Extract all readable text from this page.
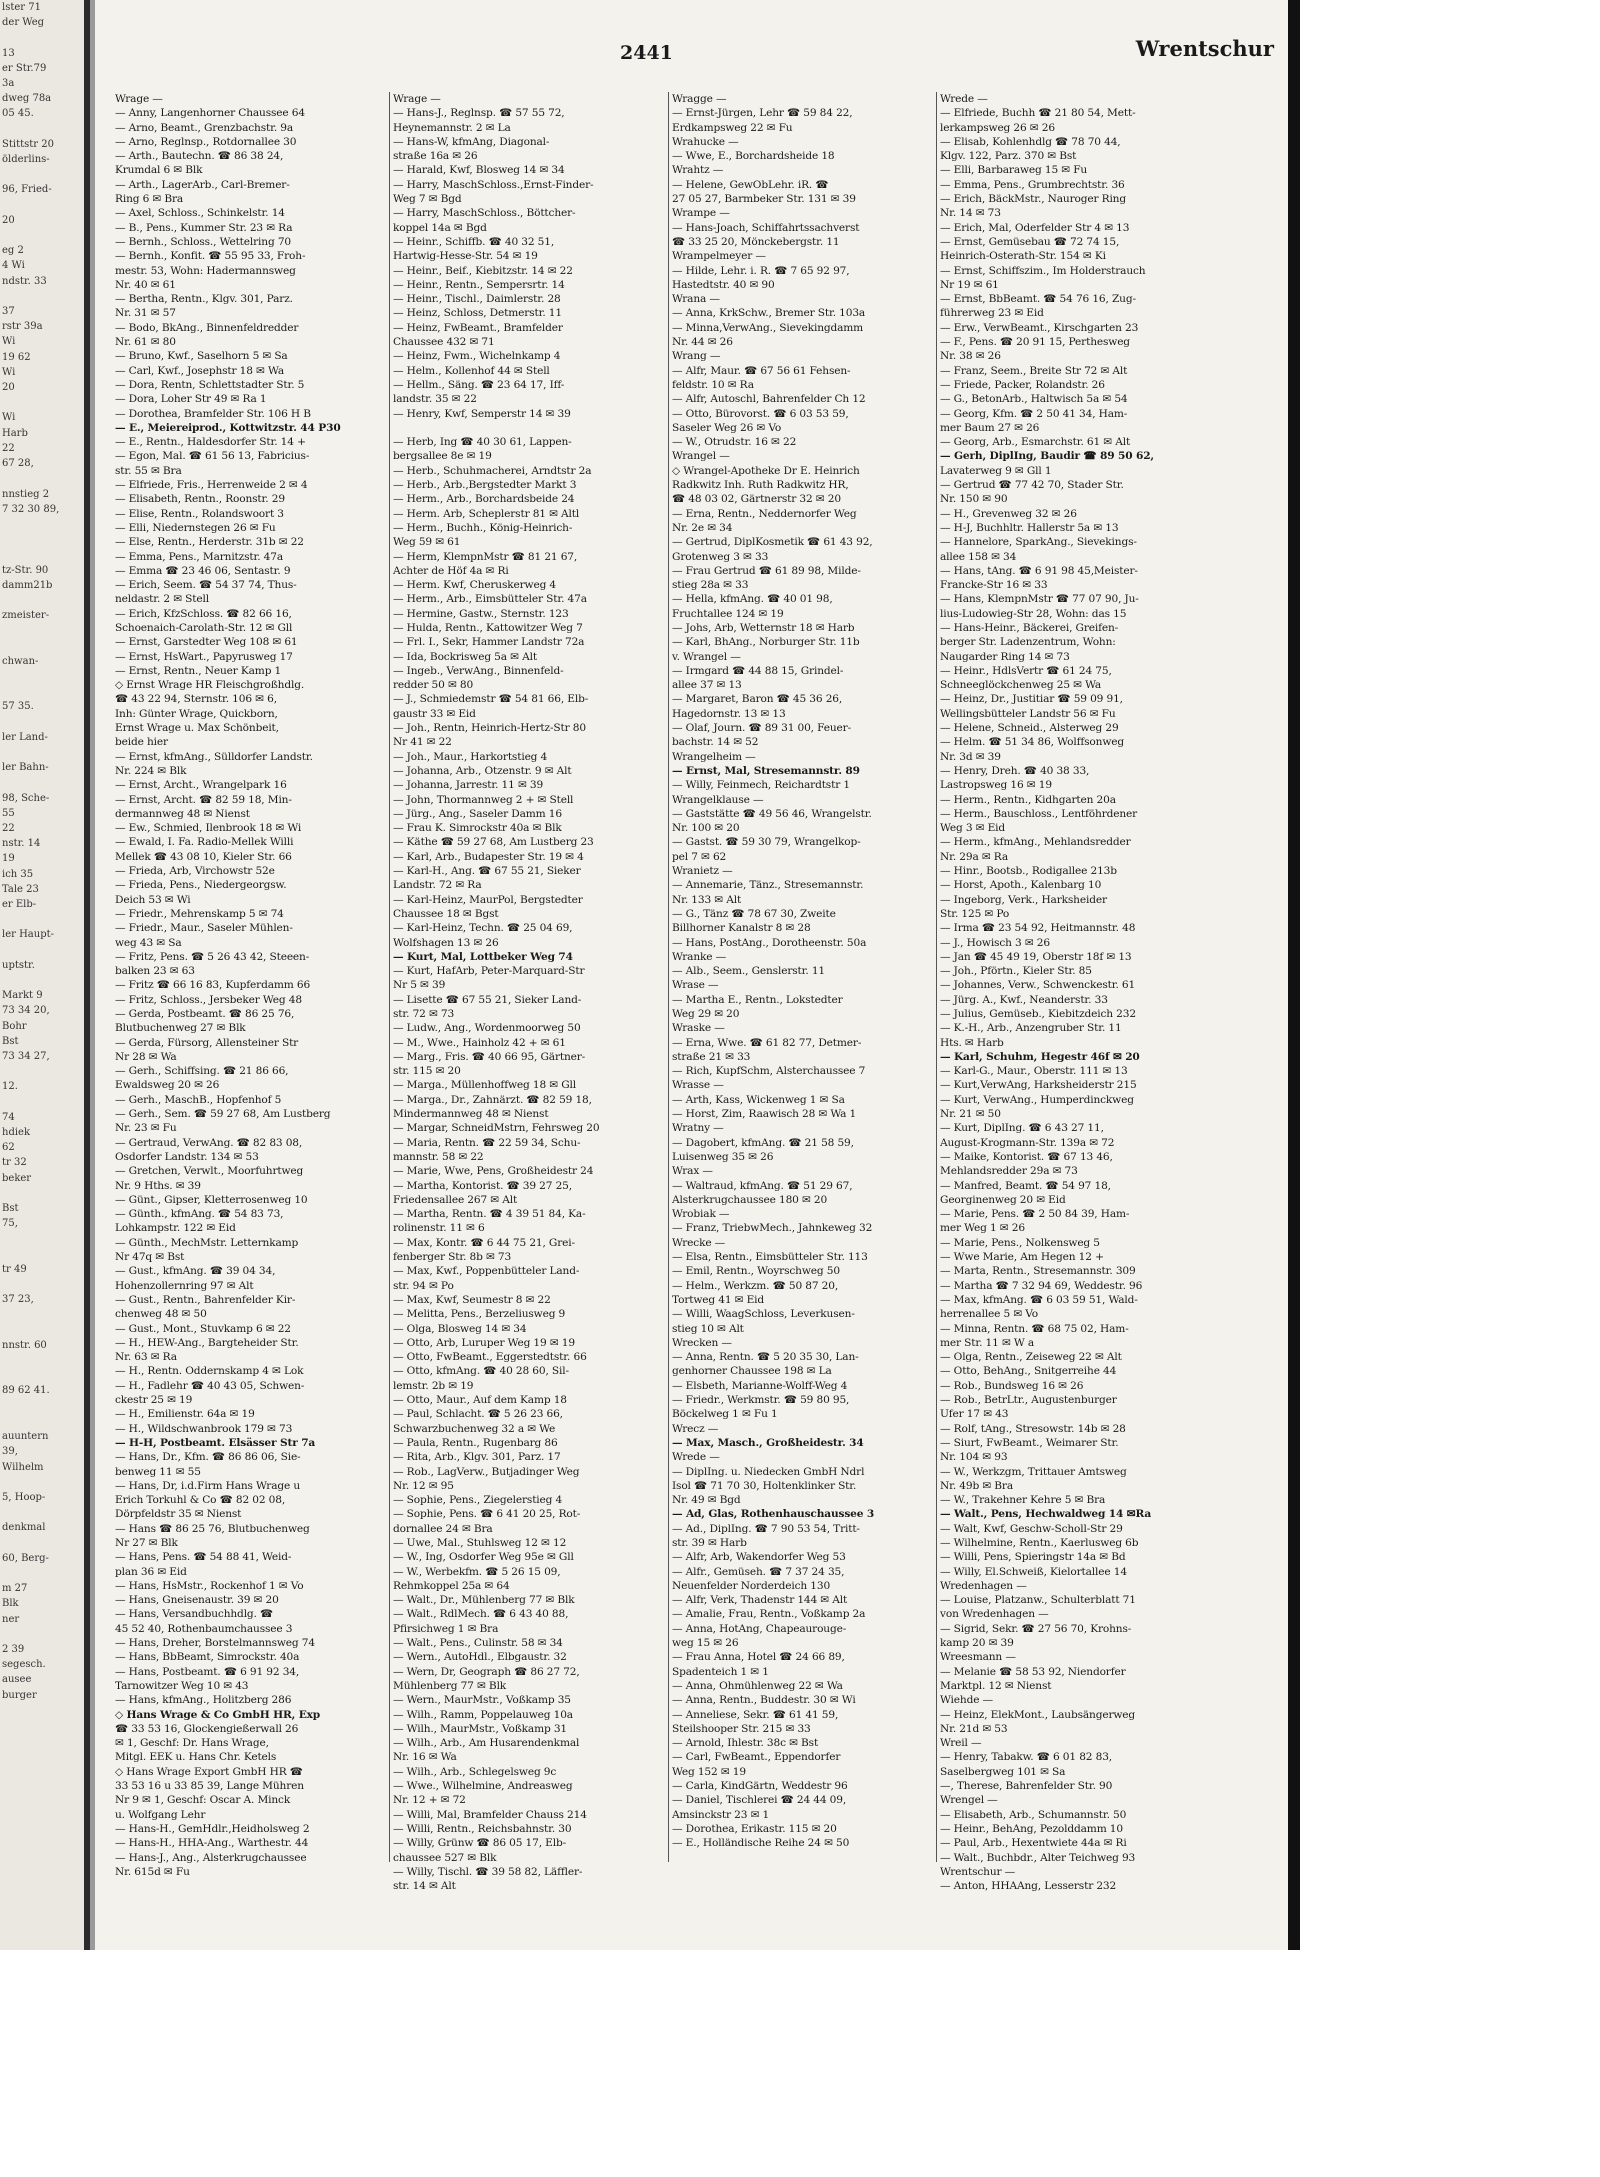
lster 71
der Weg

13
er Str.79
3a
dweg 78a
05 45.

Stittstr 20
ölderlins-

96, Fried-

20

eg 2
4 Wi
ndstr. 33

37
rstr 39a
Wi
19 62
Wi
20

Wi
Harb
22
67 28,

nnstieg 2
7 32 30 89,

tz-Str. 90
damm21b

zmeister-

chwan-

57 35.

ler Land-

ler Bahn-

98, Sche-
55
22
nstr. 14
19
ich 35
Tale 23
er Elb-

ler Haupt-

uptstr.

Markt 9
73 34 20,
Bohr
Bst
73 34 27,

12.

74
hdiek
62
tr 32
beker

Bst
75,

tr 49

37 23,

nnstr. 60

89 62 41.

auuntern
39,
Wilhelm

5, Hoop-

denkmal

60, Berg-

m 27
Blk
ner

2 39
segesch.
ausee
burger
2441	Wrentschur
Wrage —
— Anny, Langenhorner Chaussee 64
— Arno, Beamt., Grenzbachstr. 9a
— Arno, Reglnsp., Rotdornallee 30
— Arth., Bautechn. ☎ 86 38 24,
Krumdal 6 ✉ Blk
— Arth., LagerArb., Carl-Bremer-
Ring 6 ✉ Bra
— Axel, Schloss., Schinkelstr. 14
— B., Pens., Kummer Str. 23 ✉ Ra
— Bernh., Schloss., Wettelring 70
— Bernh., Konfit. ☎ 55 95 33, Froh-
mestr. 53, Wohn: Hadermannsweg
Nr. 40 ✉ 61
— Bertha, Rentn., Klgv. 301, Parz.
Nr. 31 ✉ 57
— Bodo, BkAng., Binnenfeldredder
Nr. 61 ✉ 80
— Bruno, Kwf., Saselhorn 5 ✉ Sa
— Carl, Kwf., Josephstr 18 ✉ Wa
— Dora, Rentn, Schlettstadter Str. 5
— Dora, Loher Str 49 ✉ Ra 1
— Dorothea, Bramfelder Str. 106 H B
— E., Meiereiprod., Kottwitzstr. 44 P30
— E., Rentn., Haldesdorfer Str. 14 +
— Egon, Mal. ☎ 61 56 13, Fabricius-
str. 55 ✉ Bra
— Elfriede, Fris., Herrenweide 2 ✉ 4
— Elisabeth, Rentn., Roonstr. 29
— Elise, Rentn., Rolandswoort 3
— Elli, Niedernstegen 26 ✉ Fu
— Else, Rentn., Herderstr. 31b ✉ 22
— Emma, Pens., Marnitzstr. 47a
— Emma ☎ 23 46 06, Sentastr. 9
— Erich, Seem. ☎ 54 37 74, Thus-
neldastr. 2 ✉ Stell
— Erich, KfzSchloss. ☎ 82 66 16,
Schoenaich-Carolath-Str. 12 ✉ Gll
— Ernst, Garstedter Weg 108 ✉ 61
— Ernst, HsWart., Papyrusweg 17
— Ernst, Rentn., Neuer Kamp 1
◇ Ernst Wrage HR Fleischgroßhdlg.
☎ 43 22 94, Sternstr. 106 ✉ 6,
Inh: Günter Wrage, Quickborn,
Ernst Wrage u. Max Schönbeit,
beide hier
— Ernst, kfmAng., Sülldorfer Landstr.
Nr. 224 ✉ Blk
— Ernst, Archt., Wrangelpark 16
— Ernst, Archt. ☎ 82 59 18, Min-
dermannweg 48 ✉ Nienst
— Ew., Schmied, Ilenbrook 18 ✉ Wi
— Ewald, I. Fa. Radio-Mellek Willi
Mellek ☎ 43 08 10, Kieler Str. 66
— Frieda, Arb, Virchowstr 52e
— Frieda, Pens., Niedergeorgsw.
Deich 53 ✉ Wi
— Friedr., Mehrenskamp 5 ✉ 74
— Friedr., Maur., Saseler Mühlen-
weg 43 ✉ Sa
— Fritz, Pens. ☎ 5 26 43 42, Steeen-
balken 23 ✉ 63
— Fritz ☎ 66 16 83, Kupferdamm 66
— Fritz, Schloss., Jersbeker Weg 48
— Gerda, Postbeamt. ☎ 86 25 76,
Blutbuchenweg 27 ✉ Blk
— Gerda, Fürsorg, Allensteiner Str
Nr 28 ✉ Wa
— Gerh., Schiffsing. ☎ 21 86 66,
Ewaldsweg 20 ✉ 26
— Gerh., MaschB., Hopfenhof 5
— Gerh., Sem. ☎ 59 27 68, Am Lustberg
Nr. 23 ✉ Fu
— Gertraud, VerwAng. ☎ 82 83 08,
Osdorfer Landstr. 134 ✉ 53
— Gretchen, Verwlt., Moorfuhrtweg
Nr. 9 Hths. ✉ 39
— Günt., Gipser, Kletterrosenweg 10
— Günth., kfmAng. ☎ 54 83 73,
Lohkampstr. 122 ✉ Eid
— Günth., MechMstr. Letternkamp
Nr 47q ✉ Bst
— Gust., kfmAng. ☎ 39 04 34,
Hohenzollernring 97 ✉ Alt
— Gust., Rentn., Bahrenfelder Kir-
chenweg 48 ✉ 50
— Gust., Mont., Stuvkamp 6 ✉ 22
— H., HEW-Ang., Bargteheider Str.
Nr. 63 ✉ Ra
— H., Rentn. Oddernskamp 4 ✉ Lok
— H., Fadlehr ☎ 40 43 05, Schwen-
ckestr 25 ✉ 19
— H., Emilienstr. 64a ✉ 19
— H., Wildschwanbrook 179 ✉ 73
— H-H, Postbeamt. Elsässer Str 7a
— Hans, Dr., Kfm. ☎ 86 86 06, Sie-
benweg 11 ✉ 55
— Hans, Dr, i.d.Firm Hans Wrage u
Erich Torkuhl & Co ☎ 82 02 08,
Dörpfeldstr 35 ✉ Nienst
— Hans ☎ 86 25 76, Blutbuchenweg
Nr 27 ✉ Blk
— Hans, Pens. ☎ 54 88 41, Weid-
plan 36 ✉ Eid
— Hans, HsMstr., Rockenhof 1 ✉ Vo
— Hans, Gneisenaustr. 39 ✉ 20
— Hans, Versandbuchhdlg. ☎
45 52 40, Rothenbaumchaussee 3
— Hans, Dreher, Borstelmannsweg 74
— Hans, BbBeamt, Simrockstr. 40a
— Hans, Postbeamt. ☎ 6 91 92 34,
Tarnowitzer Weg 10 ✉ 43
— Hans, kfmAng., Holitzberg 286
◇ Hans Wrage & Co GmbH HR, Exp
☎ 33 53 16, Glockengießerwall 26
✉ 1, Geschf: Dr. Hans Wrage,
Mitgl. EEK u. Hans Chr. Ketels
◇ Hans Wrage Export GmbH HR ☎
33 53 16 u 33 85 39, Lange Mühren
Nr 9 ✉ 1, Geschf: Oscar A. Minck
u. Wolfgang Lehr
— Hans-H., GemHdlr.,Heidholsweg 2
— Hans-H., HHA-Ang., Warthestr. 44
— Hans-J., Ang., Alsterkrugchaussee
Nr. 615d ✉ Fu
Wrage —
— Hans-J., Reglnsp. ☎ 57 55 72,
Heynemannstr. 2 ✉ La
— Hans-W, kfmAng, Diagonal-
straße 16a ✉ 26
— Harald, Kwf, Blosweg 14 ✉ 34
— Harry, MaschSchloss.,Ernst-Finder-
Weg 7 ✉ Bgd
— Harry, MaschSchloss., Böttcher-
koppel 14a ✉ Bgd
— Heinr., Schiffb. ☎ 40 32 51,
Hartwig-Hesse-Str. 54 ✉ 19
— Heinr., Beif., Kiebitzstr. 14 ✉ 22
— Heinr., Rentn., Sempersrtr. 14
— Heinr., Tischl., Daimlerstr. 28
— Heinz, Schloss, Detmerstr. 11
— Heinz, FwBeamt., Bramfelder
Chaussee 432 ✉ 71
— Heinz, Fwm., Wichelnkamp 4
— Helm., Kollenhof 44 ✉ Stell
— Hellm., Säng. ☎ 23 64 17, Iff-
landstr. 35 ✉ 22
— Henry, Kwf, Semperstr 14 ✉ 39

— Herb, Ing ☎ 40 30 61, Lappen-
bergsallee 8e ✉ 19
— Herb., Schuhmacherei, Arndtstr 2a
— Herb., Arb.,Bergstedter Markt 3
— Herm., Arb., Borchardsbeide 24
— Herm. Arb, Scheplerstr 81 ✉ Altl
— Herm., Buchh., König-Heinrich-
Weg 59 ✉ 61
— Herm, KlempnMstr ☎ 81 21 67,
Achter de Höf 4a ✉ Ri
— Herm. Kwf, Cheruskerweg 4
— Herm., Arb., Eimsbütteler Str. 47a
— Hermine, Gastw., Sternstr. 123
— Hulda, Rentn., Kattowitzer Weg 7
— Frl. I., Sekr, Hammer Landstr 72a
— Ida, Bockrisweg 5a ✉ Alt
— Ingeb., VerwAng., Binnenfeld-
redder 50 ✉ 80
— J., Schmiedemstr ☎ 54 81 66, Elb-
gaustr 33 ✉ Eid
— Joh., Rentn, Heinrich-Hertz-Str 80
Nr 41 ✉ 22
— Joh., Maur., Harkortstieg 4
— Johanna, Arb., Otzenstr. 9 ✉ Alt
— Johanna, Jarrestr. 11 ✉ 39
— John, Thormannweg 2 + ✉ Stell
— Jürg., Ang., Saseler Damm 16
— Frau K. Simrockstr 40a ✉ Blk
— Käthe ☎ 59 27 68, Am Lustberg 23
— Karl, Arb., Budapester Str. 19 ✉ 4
— Karl-H., Ang. ☎ 67 55 21, Sieker
Landstr. 72 ✉ Ra
— Karl-Heinz, MaurPol, Bergstedter
Chaussee 18 ✉ Bgst
— Karl-Heinz, Techn. ☎ 25 04 69,
Wolfshagen 13 ✉ 26
— Kurt, Mal, Lottbeker Weg 74
— Kurt, HafArb, Peter-Marquard-Str
Nr 5 ✉ 39
— Lisette ☎ 67 55 21, Sieker Land-
str. 72 ✉ 73
— Ludw., Ang., Wordenmoorweg 50
— M., Wwe., Hainholz 42 + ✉ 61
— Marg., Fris. ☎ 40 66 95, Gärtner-
str. 115 ✉ 20
— Marga., Müllenhoffweg 18 ✉ Gll
— Marga., Dr., Zahnärzt. ☎ 82 59 18,
Mindermannweg 48 ✉ Nienst
— Margar, SchneidMstrn, Fehrsweg 20
— Maria, Rentn. ☎ 22 59 34, Schu-
mannstr. 58 ✉ 22
— Marie, Wwe, Pens, Großheidestr 24
— Martha, Kontorist. ☎ 39 27 25,
Friedensallee 267 ✉ Alt
— Martha, Rentn. ☎ 4 39 51 84, Ka-
rolinenstr. 11 ✉ 6
— Max, Kontr. ☎ 6 44 75 21, Grei-
fenberger Str. 8b ✉ 73
— Max, Kwf., Poppenbütteler Land-
str. 94 ✉ Po
— Max, Kwf, Seumestr 8 ✉ 22
— Melitta, Pens., Berzeliusweg 9
— Olga, Blosweg 14 ✉ 34
— Otto, Arb, Luruper Weg 19 ✉ 19
— Otto, FwBeamt., Eggerstedtstr. 66
— Otto, kfmAng. ☎ 40 28 60, Sil-
lemstr. 2b ✉ 19
— Otto, Maur., Auf dem Kamp 18
— Paul, Schlacht. ☎ 5 26 23 66,
Schwarzbuchenweg 32 a ✉ We
— Paula, Rentn., Rugenbarg 86
— Rita, Arb., Klgv. 301, Parz. 17
— Rob., LagVerw., Butjadinger Weg
Nr. 12 ✉ 95
— Sophie, Pens., Ziegelerstieg 4
— Sophie, Pens. ☎ 6 41 20 25, Rot-
dornallee 24 ✉ Bra
— Uwe, Mal., Stuhlsweg 12 ✉ 12
— W., Ing, Osdorfer Weg 95e ✉ Gll
— W., Werbekfm. ☎ 5 26 15 09,
Rehmkoppel 25a ✉ 64
— Walt., Dr., Mühlenberg 77 ✉ Blk
— Walt., RdlMech. ☎ 6 43 40 88,
Pfirsichweg 1 ✉ Bra
— Walt., Pens., Culinstr. 58 ✉ 34
— Wern., AutoHdl., Elbgaustr. 32
— Wern, Dr, Geograph ☎ 86 27 72,
Mühlenberg 77 ✉ Blk
— Wern., MaurMstr., Voßkamp 35
— Wilh., Ramm, Poppelauweg 10a
— Wilh., MaurMstr., Voßkamp 31
— Wilh., Arb., Am Husarendenkmal
Nr. 16 ✉ Wa
— Wilh., Arb., Schlegelsweg 9c
— Wwe., Wilhelmine, Andreasweg
Nr. 12 + ✉ 72
— Willi, Mal, Bramfelder Chauss 214
— Willi, Rentn., Reichsbahnstr. 30
— Willy, Grünw ☎ 86 05 17, Elb-
chaussee 527 ✉ Blk
— Willy, Tischl. ☎ 39 58 82, Läffler-
str. 14 ✉ Alt
Wragge —
— Ernst-Jürgen, Lehr ☎ 59 84 22,
Erdkampsweg 22 ✉ Fu
Wrahucke —
— Wwe, E., Borchardsheide 18
Wrahtz —
— Helene, GewObLehr. iR. ☎
27 05 27, Barmbeker Str. 131 ✉ 39
Wrampe —
— Hans-Joach, Schiffahrtssachverst
☎ 33 25 20, Mönckebergstr. 11
Wrampelmeyer —
— Hilde, Lehr. i. R. ☎ 7 65 92 97,
Hastedtstr. 40 ✉ 90
Wrana —
— Anna, KrkSchw., Bremer Str. 103a
— Minna,VerwAng., Sievekingdamm
Nr. 44 ✉ 26
Wrang —
— Alfr, Maur. ☎ 67 56 61 Fehsen-
feldstr. 10 ✉ Ra
— Alfr, Autoschl, Bahrenfelder Ch 12
— Otto, Bürovorst. ☎ 6 03 53 59,
Saseler Weg 26 ✉ Vo
— W., Otrudstr. 16 ✉ 22
Wrangel —
◇ Wrangel-Apotheke Dr E. Heinrich
Radkwitz Inh. Ruth Radkwitz HR,
☎ 48 03 02, Gärtnerstr 32 ✉ 20
— Erna, Rentn., Neddernorfer Weg
Nr. 2e ✉ 34
— Gertrud, DiplKosmetik ☎ 61 43 92,
Grotenweg 3 ✉ 33
— Frau Gertrud ☎ 61 89 98, Milde-
stieg 28a ✉ 33
— Hella, kfmAng. ☎ 40 01 98,
Fruchtallee 124 ✉ 19
— Johs, Arb, Wetternstr 18 ✉ Harb
— Karl, BhAng., Norburger Str. 11b
v. Wrangel —
— Irmgard ☎ 44 88 15, Grindel-
allee 37 ✉ 13
— Margaret, Baron ☎ 45 36 26,
Hagedornstr. 13 ✉ 13
— Olaf, Journ. ☎ 89 31 00, Feuer-
bachstr. 14 ✉ 52
Wrangelheim —
— Ernst, Mal, Stresemannstr. 89
— Willy, Feinmech, Reichardtstr 1
Wrangelklause —
— Gaststätte ☎ 49 56 46, Wrangelstr.
Nr. 100 ✉ 20
— Gastst. ☎ 59 30 79, Wrangelkop-
pel 7 ✉ 62
Wranietz —
— Annemarie, Tänz., Stresemannstr.
Nr. 133 ✉ Alt
— G., Tänz ☎ 78 67 30, Zweite
Billhorner Kanalstr 8 ✉ 28
— Hans, PostAng., Dorotheenstr. 50a
Wranke —
— Alb., Seem., Genslerstr. 11
Wrase —
— Martha E., Rentn., Lokstedter
Weg 29 ✉ 20
Wraske —
— Erna, Wwe. ☎ 61 82 77, Detmer-
straße 21 ✉ 33
— Rich, KupfSchm, Alsterchaussee 7
Wrasse —
— Arth, Kass, Wickenweg 1 ✉ Sa
— Horst, Zim, Raawisch 28 ✉ Wa 1
Wratny —
— Dagobert, kfmAng. ☎ 21 58 59,
Luisenweg 35 ✉ 26
Wrax —
— Waltraud, kfmAng. ☎ 51 29 67,
Alsterkrugchaussee 180 ✉ 20
Wrobiak —
— Franz, TriebwMech., Jahnkeweg 32
Wrecke —
— Elsa, Rentn., Eimsbütteler Str. 113
— Emil, Rentn., Woyrschweg 50
— Helm., Werkzm. ☎ 50 87 20,
Tortweg 41 ✉ Eid
— Willi, WaagSchloss, Leverkusen-
stieg 10 ✉ Alt
Wrecken —
— Anna, Rentn. ☎ 5 20 35 30, Lan-
genhorner Chaussee 198 ✉ La
— Elsbeth, Marianne-Wolff-Weg 4
— Friedr., Werkmstr. ☎ 59 80 95,
Böckelweg 1 ✉ Fu 1
Wrecz —
— Max, Masch., Großheidestr. 34
Wrede —
— DiplIng. u. Niedecken GmbH Ndrl
Isol ☎ 71 70 30, Holtenklinker Str.
Nr. 49 ✉ Bgd
— Ad, Glas, Rothenhauschaussee 3
— Ad., DiplIng. ☎ 7 90 53 54, Tritt-
str. 39 ✉ Harb
— Alfr, Arb, Wakendorfer Weg 53
— Alfr., Gemüseh. ☎ 7 37 24 35,
Neuenfelder Norderdeich 130
— Alfr, Verk, Thadenstr 144 ✉ Alt
— Amalie, Frau, Rentn., Voßkamp 2a
— Anna, HotAng, Chapeaurouge-
weg 15 ✉ 26
— Frau Anna, Hotel ☎ 24 66 89,
Spadenteich 1 ✉ 1
— Anna, Ohmühlenweg 22 ✉ Wa
— Anna, Rentn., Buddestr. 30 ✉ Wi
— Anneliese, Sekr. ☎ 61 41 59,
Steilshooper Str. 215 ✉ 33
— Arnold, Ihlestr. 38c ✉ Bst
— Carl, FwBeamt., Eppendorfer
Weg 152 ✉ 19
— Carla, KindGärtn, Weddestr 96
— Daniel, Tischlerei ☎ 24 44 09,
Amsinckstr 23 ✉ 1
— Dorothea, Erikastr. 115 ✉ 20
— E., Holländische Reihe 24 ✉ 50
Wrede —
— Elfriede, Buchh ☎ 21 80 54, Mett-
lerkampsweg 26 ✉ 26
— Elisab, Kohlenhdlg ☎ 78 70 44,
Klgv. 122, Parz. 370 ✉ Bst
— Elli, Barbaraweg 15 ✉ Fu
— Emma, Pens., Grumbrechtstr. 36
— Erich, BäckMstr., Nauroger Ring
Nr. 14 ✉ 73
— Erich, Mal, Oderfelder Str 4 ✉ 13
— Ernst, Gemüsebau ☎ 72 74 15,
Heinrich-Osterath-Str. 154 ✉ Ki
— Ernst, Schiffszim., Im Holderstrauch
Nr 19 ✉ 61
— Ernst, BbBeamt. ☎ 54 76 16, Zug-
führerweg 23 ✉ Eid
— Erw., VerwBeamt., Kirschgarten 23
— F., Pens. ☎ 20 91 15, Perthesweg
Nr. 38 ✉ 26
— Franz, Seem., Breite Str 72 ✉ Alt
— Friede, Packer, Rolandstr. 26
— G., BetonArb., Haltwisch 5a ✉ 54
— Georg, Kfm. ☎ 2 50 41 34, Ham-
mer Baum 27 ✉ 26
— Georg, Arb., Esmarchstr. 61 ✉ Alt
— Gerh, DiplIng, Baudir ☎ 89 50 62,
Lavaterweg 9 ✉ Gll 1
— Gertrud ☎ 77 42 70, Stader Str.
Nr. 150 ✉ 90
— H., Grevenweg 32 ✉ 26
— H-J, Buchhltr. Hallerstr 5a ✉ 13
— Hannelore, SparkAng., Sievekings-
allee 158 ✉ 34
— Hans, tAng. ☎ 6 91 98 45,Meister-
Francke-Str 16 ✉ 33
— Hans, KlempnMstr ☎ 77 07 90, Ju-
lius-Ludowieg-Str 28, Wohn: das 15
— Hans-Heinr., Bäckerei, Greifen-
berger Str. Ladenzentrum, Wohn:
Naugarder Ring 14 ✉ 73
— Heinr., HdlsVertr ☎ 61 24 75,
Schneeglöckchenweg 25 ✉ Wa
— Heinz, Dr., Justitiar ☎ 59 09 91,
Wellingsbütteler Landstr 56 ✉ Fu
— Helene, Schneid., Alsterweg 29
— Helm. ☎ 51 34 86, Wolffsonweg
Nr. 3d ✉ 39
— Henry, Dreh. ☎ 40 38 33,
Lastropsweg 16 ✉ 19
— Herm., Rentn., Kidhgarten 20a
— Herm., Bauschloss., Lentföhrdener
Weg 3 ✉ Eid
— Herm., kfmAng., Mehlandsredder
Nr. 29a ✉ Ra
— Hinr., Bootsb., Rodigallee 213b
— Horst, Apoth., Kalenbarg 10
— Ingeborg, Verk., Harksheider
Str. 125 ✉ Po
— Irma ☎ 23 54 92, Heitmannstr. 48
— J., Howisch 3 ✉ 26
— Jan ☎ 45 49 19, Oberstr 18f ✉ 13
— Joh., Pförtn., Kieler Str. 85
— Johannes, Verw., Schwenckestr. 61
— Jürg. A., Kwf., Neanderstr. 33
— Julius, Gemüseb., Kiebitzdeich 232
— K.-H., Arb., Anzengruber Str. 11
Hts. ✉ Harb
— Karl, Schuhm, Hegestr 46f ✉ 20
— Karl-G., Maur., Oberstr. 111 ✉ 13
— Kurt,VerwAng, Harksheiderstr 215
— Kurt, VerwAng., Humperdinckweg
Nr. 21 ✉ 50
— Kurt, DiplIng. ☎ 6 43 27 11,
August-Krogmann-Str. 139a ✉ 72
— Maike, Kontorist. ☎ 67 13 46,
Mehlandsredder 29a ✉ 73
— Manfred, Beamt. ☎ 54 97 18,
Georginenweg 20 ✉ Eid
— Marie, Pens. ☎ 2 50 84 39, Ham-
mer Weg 1 ✉ 26
— Marie, Pens., Nolkensweg 5
— Wwe Marie, Am Hegen 12 +
— Marta, Rentn., Stresemannstr. 309
— Martha ☎ 7 32 94 69, Weddestr. 96
— Max, kfmAng. ☎ 6 03 59 51, Wald-
herrenallee 5 ✉ Vo
— Minna, Rentn. ☎ 68 75 02, Ham-
mer Str. 11 ✉ W a
— Olga, Rentn., Zeiseweg 22 ✉ Alt
— Otto, BehAng., Snitgerreihe 44
— Rob., Bundsweg 16 ✉ 26
— Rob., BetrLtr., Augustenburger
Ufer 17 ✉ 43
— Rolf, tAng., Stresowstr. 14b ✉ 28
— Siurt, FwBeamt., Weimarer Str.
Nr. 104 ✉ 93
— W., Werkzgm, Trittauer Amtsweg
Nr. 49b ✉ Bra
— W., Trakehner Kehre 5 ✉ Bra
— Walt., Pens, Hechwaldweg 14 ✉Ra
— Walt, Kwf, Geschw-Scholl-Str 29
— Wilhelmine, Rentn., Kaerlusweg 6b
— Willi, Pens, Spieringstr 14a ✉ Bd
— Willy, El.Schweiß, Kielortallee 14
Wredenhagen —
— Louise, Platzanw., Schulterblatt 71
von Wredenhagen —
— Sigrid, Sekr. ☎ 27 56 70, Krohns-
kamp 20 ✉ 39
Wreesmann —
— Melanie ☎ 58 53 92, Niendorfer
Marktpl. 12 ✉ Nienst
Wiehde —
— Heinz, ElekMont., Laubsängerweg
Nr. 21d ✉ 53
Wreil —
— Henry, Tabakw. ☎ 6 01 82 83,
Saselbergweg 101 ✉ Sa
—, Therese, Bahrenfelder Str. 90
Wrengel —
— Elisabeth, Arb., Schumannstr. 50
— Heinr., BehAng, Pezolddamm 10
— Paul, Arb., Hexentwiete 44a ✉ Ri
— Walt., Buchbdr., Alter Teichweg 93
Wrentschur —
— Anton, HHAAng, Lesserstr 232
